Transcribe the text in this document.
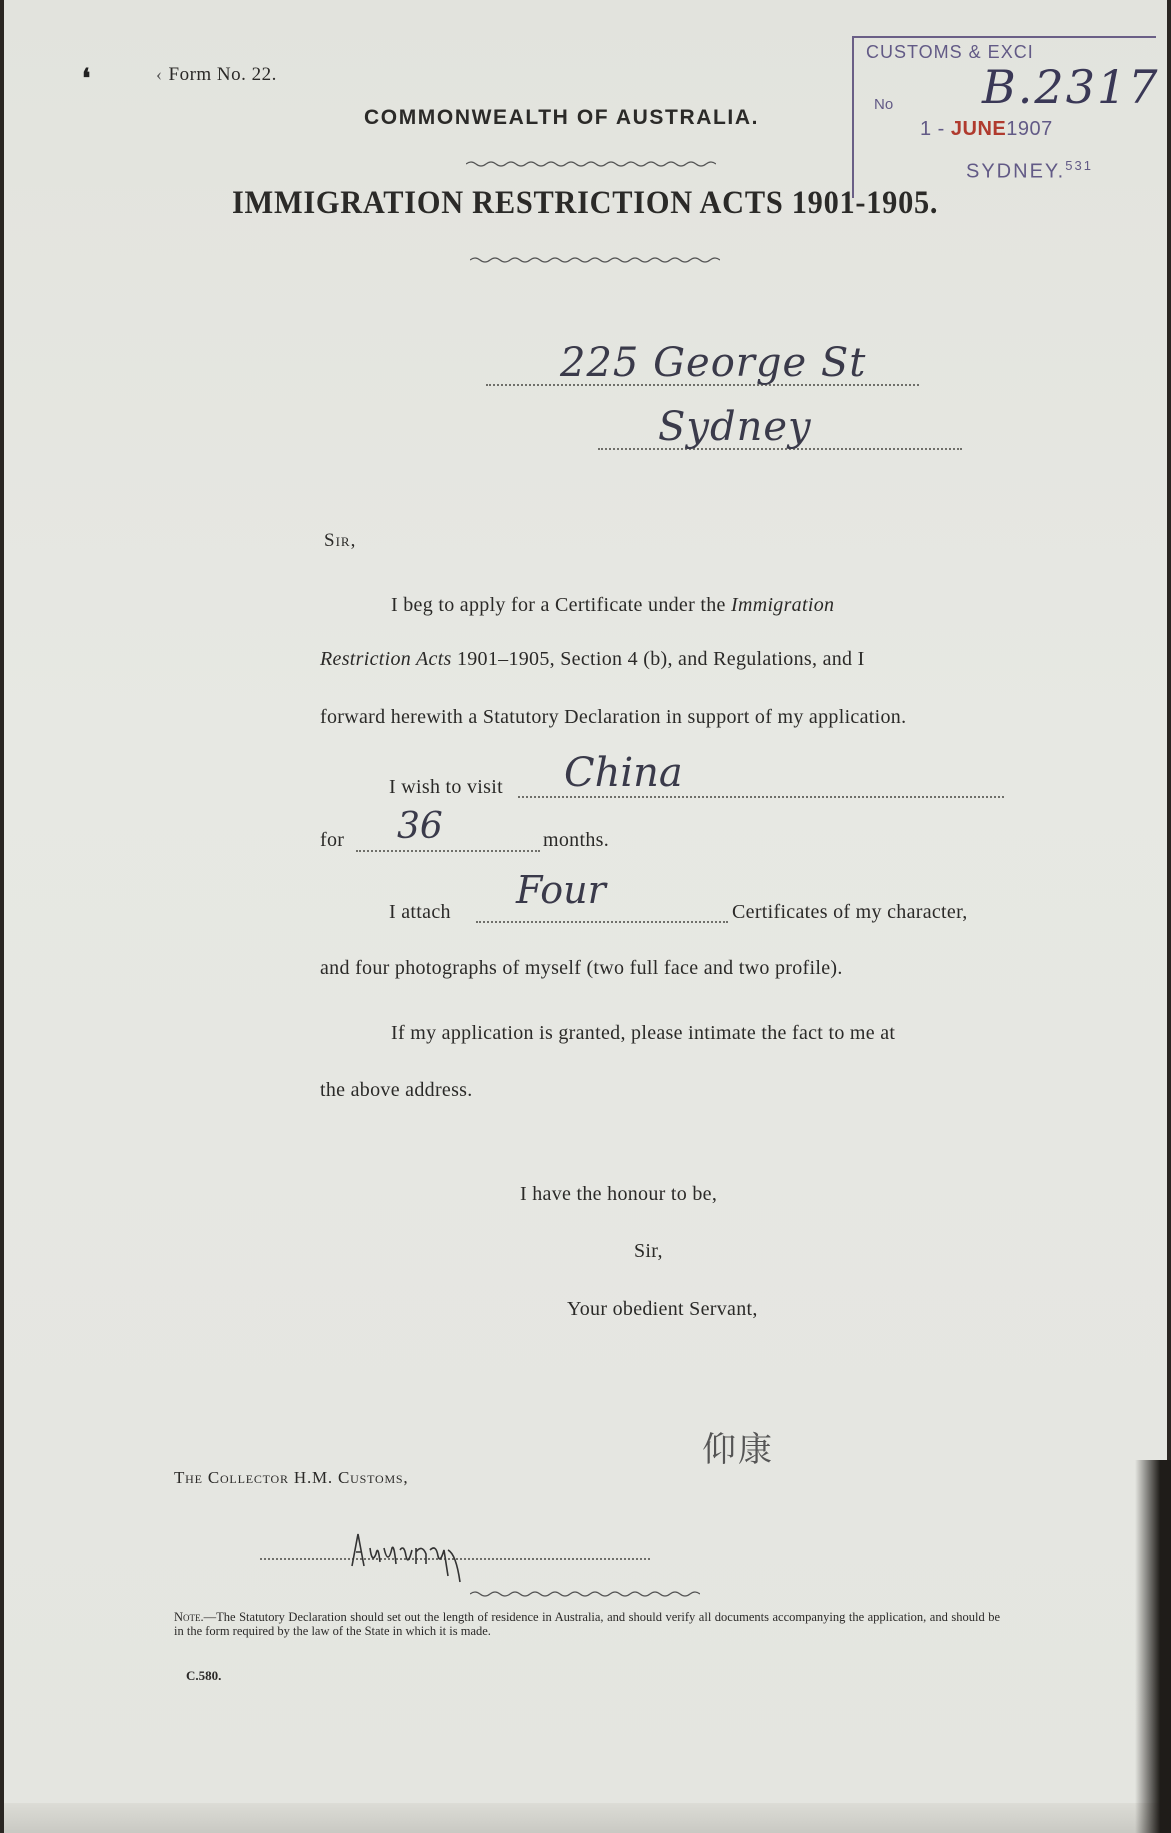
❛	‹ Form No. 22.
COMMONWEALTH OF AUSTRALIA.
IMMIGRATION RESTRICTION ACTS 1901-1905.
CUSTOMS & EXCI
No B.2317
1 - JUNE1907
SYDNEY.$^{531}$
225 George St
Sydney
Sir,
I beg to apply for a Certificate under the Immigration
Restriction Acts 1901–1905, Section 4 (b), and Regulations, and I
forward herewith a Statutory Declaration in support of my application.
I wish to visit China
for 36	months.
I attach Four	Certificates of my character,
and four photographs of myself (two full face and two profile).
If my application is granted, please intimate the fact to me at
the above address.
I have the honour to be,
Sir,
Your obedient Servant,
仰康
The Collector H.M. Customs,
Note.—The Statutory Declaration should set out the length of residence in Australia, and should verify all documents accompanying the application, and should be in the form required by the law of the State in which it is made.
C.580.
